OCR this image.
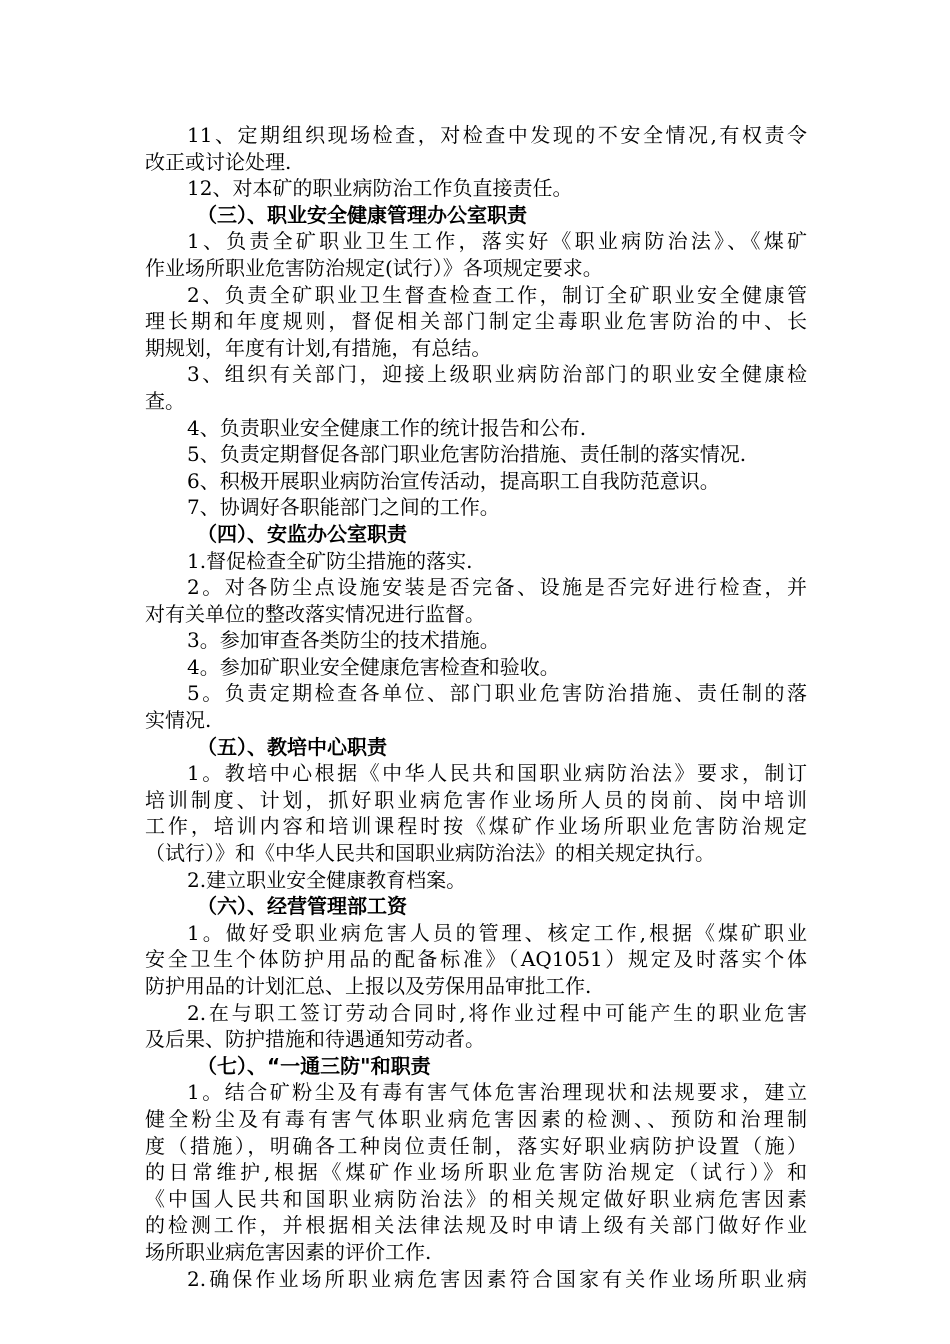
11、定期组织现场检查，对检查中发现的不安全情况,有权责令
改正或讨论处理.
12、对本矿的职业病防治工作负直接责任。
（三）、职业安全健康管理办公室职责
1、负责全矿职业卫生工作，落实好《职业病防治法》、《煤矿
作业场所职业危害防治规定(试行）》各项规定要求。
2、负责全矿职业卫生督查检查工作，制订全矿职业安全健康管
理长期和年度规则，督促相关部门制定尘毒职业危害防治的中、长
期规划，年度有计划,有措施，有总结。
3、组织有关部门，迎接上级职业病防治部门的职业安全健康检
查。
4、负责职业安全健康工作的统计报告和公布.
5、负责定期督促各部门职业危害防治措施、责任制的落实情况.
6、积极开展职业病防治宣传活动，提高职工自我防范意识。
7、协调好各职能部门之间的工作。
（四）、安监办公室职责
1.督促检查全矿防尘措施的落实.
2。对各防尘点设施安装是否完备、设施是否完好进行检查，并
对有关单位的整改落实情况进行监督。
3。参加审查各类防尘的技术措施。
4。参加矿职业安全健康危害检查和验收。
5。负责定期检查各单位、部门职业危害防治措施、责任制的落
实情况.
（五）、教培中心职责
1。教培中心根据《中华人民共和国职业病防治法》要求，制订
培训制度、计划，抓好职业病危害作业场所人员的岗前、岗中培训
工作，培训内容和培训课程时按《煤矿作业场所职业危害防治规定
（试行）》和《中华人民共和国职业病防治法》的相关规定执行。
2.建立职业安全健康教育档案。
（六）、经营管理部工资
1。做好受职业病危害人员的管理、核定工作,根据《煤矿职业
安全卫生个体防护用品的配备标准》（AQ1051）规定及时落实个体
防护用品的计划汇总、上报以及劳保用品审批工作.
2.在与职工签订劳动合同时,将作业过程中可能产生的职业危害
及后果、防护措施和待遇通知劳动者。
（七）、“一通三防"和职责
1。结合矿粉尘及有毒有害气体危害治理现状和法规要求，建立
健全粉尘及有毒有害气体职业病危害因素的检测、、预防和治理制
度（措施），明确各工种岗位责任制，落实好职业病防护设置（施）
的日常维护,根据《煤矿作业场所职业危害防治规定（试行）》和
《中国人民共和国职业病防治法》的相关规定做好职业病危害因素
的检测工作，并根据相关法律法规及时申请上级有关部门做好作业
场所职业病危害因素的评价工作.
2.确保作业场所职业病危害因素符合国家有关作业场所职业病
